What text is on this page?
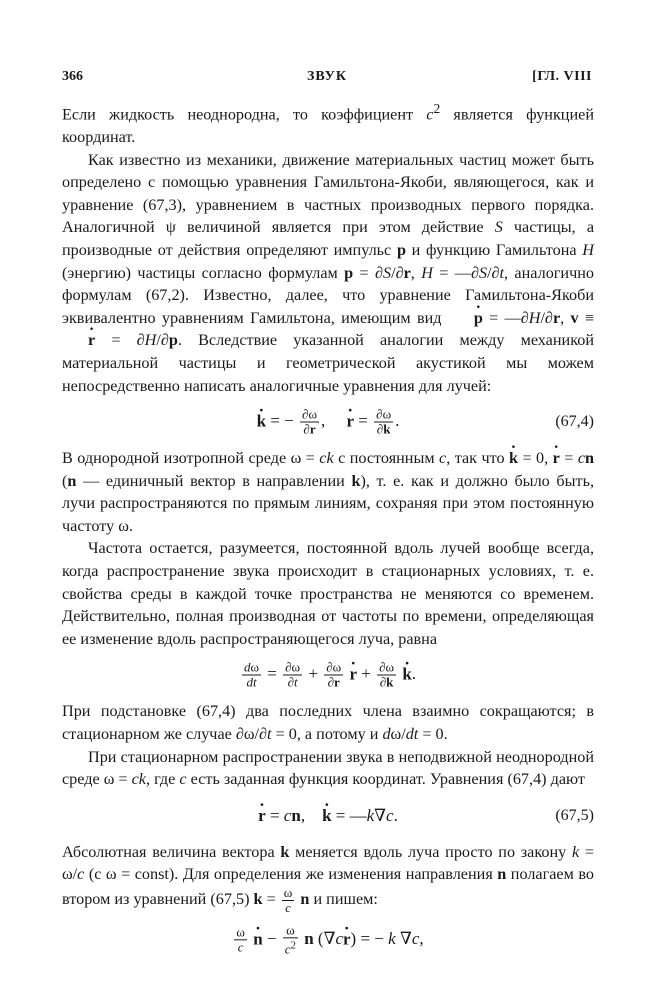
366	ЗВУК	[ГЛ. VIII

Если жидкость неоднородна, то коэффициент $c^2$ является функцией координат.

Как известно из механики, движение материальных частиц может быть определено с помощью уравнения Гамильтона-Якоби, являющегося, как и уравнение (67,3), уравнением в частных производных первого порядка. Аналогичной ψ величиной является при этом действие S частицы, а производные от действия определяют импульс p и функцию Гамильтона H (энергию) частицы согласно формулам p = ∂S/∂r, H = —∂S/∂t, аналогично формулам (67,2). Известно, далее, что уравнение Гамильтона-Якоби эквивалентно уравнениям Гамильтона, имеющим вид · p = —∂H/∂r, v ≡ · r = ∂H/∂p. Вследствие указанной аналогии между механикой материальной частицы и геометрической акустикой мы можем непосредственно написать аналогичные уравнения для лучей:

· k = − $\frac{\partial\omega}{\partial r}$ ,     · $r = \frac{\partial\omega}{\partial k}$ .	(67,4)

В однородной изотропной среде ω = ck с постоянным c, так что · k = 0, · r = cn (n — единичный вектор в направлении k), т. е. как и должно было быть, лучи распространяются по прямым линиям, сохраняя при этом постоянную частоту ω.

Частота остается, разумеется, постоянной вдоль лучей вообще всегда, когда распространение звука происходит в стационарных условиях, т. е. свойства среды в каждой точке пространства не меняются со временем. Действительно, полная производная от частоты по времени, определяющая ее изменение вдоль распространяющегося луча, равна

$\frac{d\omega}{dt} = \frac{\partial\omega}{\partial t} + \frac{\partial\omega}{\partial r}$
· $r + \frac{\partial\omega}{\partial k}$
· k.

При подстановке (67,4) два последних члена взаимно сокращаются; в стационарном же случае ∂ω/∂t = 0, а потому и dω/dt = 0.

При стационарном распространении звука в неподвижной неоднородной среде ω = ck, где c есть заданная функция координат. Уравнения (67,4) дают

· r = cn,    · k = —k∇c.	(67,5)

Абсолютная величина вектора k меняется вдоль луча просто по закону k = ω/c (с ω = const). Для определения же изменения направления n полагаем во втором из уравнений (67,5) $k = \frac{\omega}{c}$ n и пишем:

$\frac{\omega}{c}$
· $n - \frac{\omega}{c^2}$ n (∇c· r) = − k ∇c,
